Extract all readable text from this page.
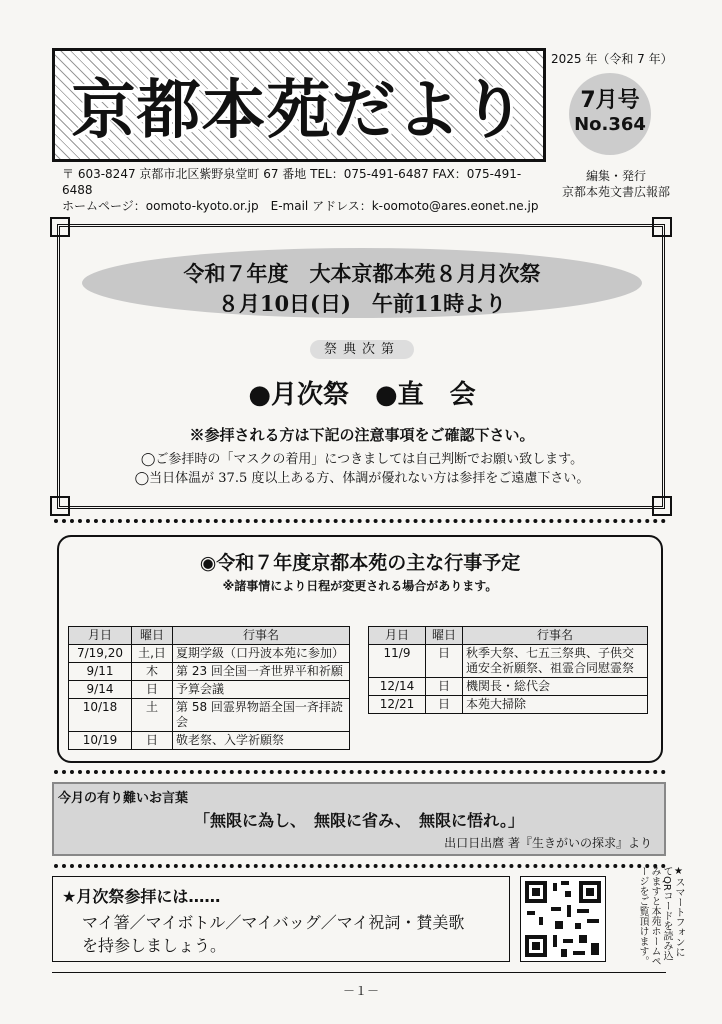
京都本苑だより
2025 年（令和 7 年）
7月号
No.364
編集・発行
京都本苑文書広報部
〒 603-8247 京都市北区紫野泉堂町 67 番地 TEL：075-491-6487 FAX：075-491-6488
ホームページ：oomoto-kyoto.or.jp　E-mail アドレス：k-oomoto@ares.eonet.ne.jp
令和７年度　大本京都本苑８月月次祭
８月10日(日)　午前11時より
祭典次第
●月次祭　●直　会
※参拝される方は下記の注意事項をご確認下さい。
◯ご参拝時の「マスクの着用」につきましては自己判断でお願い致します。
◯当日体温が 37.5 度以上ある方、体調が優れない方は参拝をご遠慮下さい。
◉令和７年度京都本苑の主な行事予定
※諸事情により日程が変更される場合があります。
月日	曜日	行事名
7/19,20	土,日	夏期学級（口丹波本苑に参加）
9/11	木	第 23 回全国一斉世界平和祈願
9/14	日	予算会議
10/18	土	第 58 回霊界物語全国一斉拝読会
10/19	日	敬老祭、入学祈願祭
月日	曜日	行事名
11/9	日	秋季大祭、七五三祭典、子供交通安全祈願祭、祖霊合同慰霊祭
12/14	日	機関長・総代会
12/21	日	本苑大掃除
今月の有り難いお言葉
「無限に為し、　無限に省み、　無限に悟れ。」
出口日出麿 著『生きがいの探求』より
★月次祭参拝には……
マイ箸／マイボトル／マイバッグ／マイ祝詞・賛美歌
を持参しましょう。	★スマートフォンにてQRコードを読み込みますと本苑ホームページをご覧頂けます。
－１－
